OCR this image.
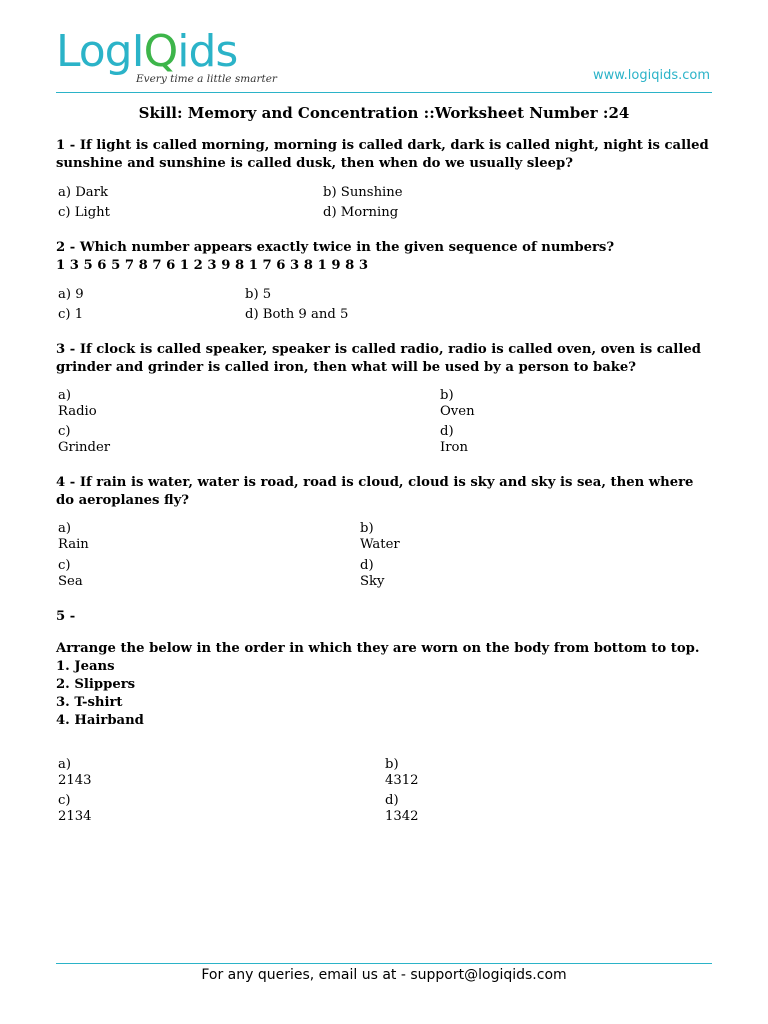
LogIQids
Every time a little smarter	www.logiqids.com
Skill: Memory and Concentration ::Worksheet Number :24
1 - If light is called morning, morning is called dark, dark is called night, night is called sunshine and sunshine is called dusk, then when do we usually sleep?
a) Dark	b) Sunshine
c) Light	d) Morning
2 - Which number appears exactly twice in the given sequence of numbers?
1 3 5 6 5 7 8 7 6 1 2 3 9 8 1 7 6 3 8 1 9 8 3
a) 9	b) 5
c) 1	d) Both 9 and 5
3 - If clock is called speaker, speaker is called radio, radio is called oven, oven is called grinder and grinder is called iron, then what will be used by a person to bake?
a)
Radio
b)
Oven
c)
Grinder
d)
Iron
4 - If rain is water, water is road, road is cloud, cloud is sky and sky is sea, then where do aeroplanes fly?
a)
Rain
b)
Water
c)
Sea
d)
Sky
5 -
Arrange the below in the order in which they are worn on the body from bottom to top.
1. Jeans
2. Slippers
3. T-shirt
4. Hairband
a)
2143
b)
4312
c)
2134
d)
1342
For any queries, email us at - support@logiqids.com
